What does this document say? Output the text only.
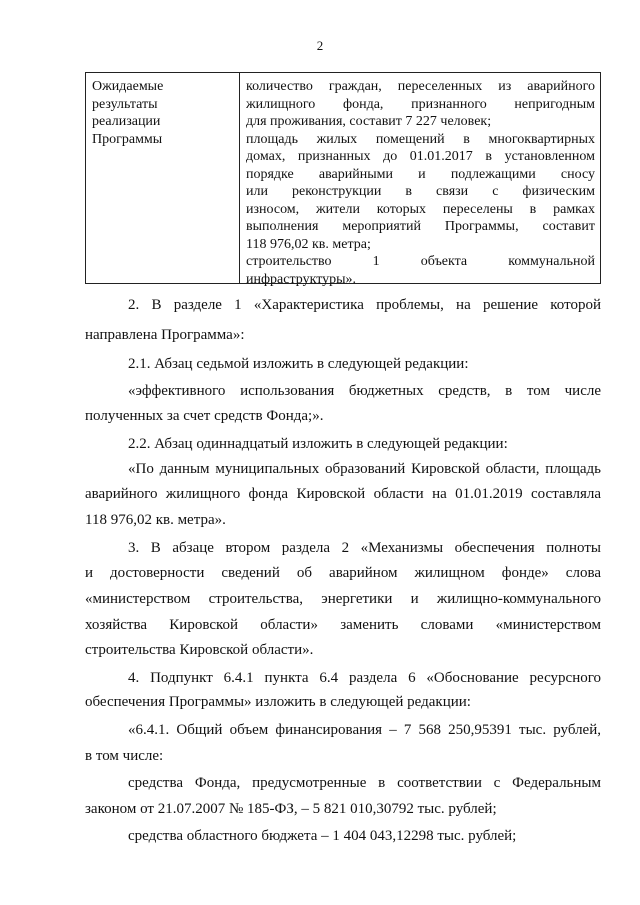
2
Ожидаемые
результаты
реализации
Программы
количество граждан, переселенных из аварийного
жилищного фонда, признанного непригодным
для проживания, составит 7 227 человек;
площадь жилых помещений в многоквартирных
домах, признанных до 01.01.2017 в установленном
порядке аварийными и подлежащими сносу
или реконструкции в связи с физическим
износом, жители которых переселены в рамках
выполнения мероприятий Программы, составит
118 976,02 кв. метра;
строительство 1 объекта коммунальной
инфраструктуры».
2. В разделе 1 «Характеристика проблемы, на решение которой
направлена Программа»:
2.1. Абзац седьмой изложить в следующей редакции:
«эффективного использования бюджетных средств, в том числе
полученных за счет средств Фонда;».
2.2. Абзац одиннадцатый изложить в следующей редакции:
«По данным муниципальных образований Кировской области, площадь
аварийного жилищного фонда Кировской области на 01.01.2019 составляла
118 976,02 кв. метра».
3. В абзаце втором раздела 2 «Механизмы обеспечения полноты
и достоверности сведений об аварийном жилищном фонде» слова
«министерством строительства, энергетики и жилищно-коммунального
хозяйства Кировской области» заменить словами «министерством
строительства Кировской области».
4. Подпункт 6.4.1 пункта 6.4 раздела 6 «Обоснование ресурсного
обеспечения Программы» изложить в следующей редакции:
«6.4.1. Общий объем финансирования – 7 568 250,95391 тыс. рублей,
в том числе:
средства Фонда, предусмотренные в соответствии с Федеральным
законом от 21.07.2007 № 185-ФЗ, – 5 821 010,30792 тыс. рублей;
средства областного бюджета – 1 404 043,12298 тыс. рублей;
